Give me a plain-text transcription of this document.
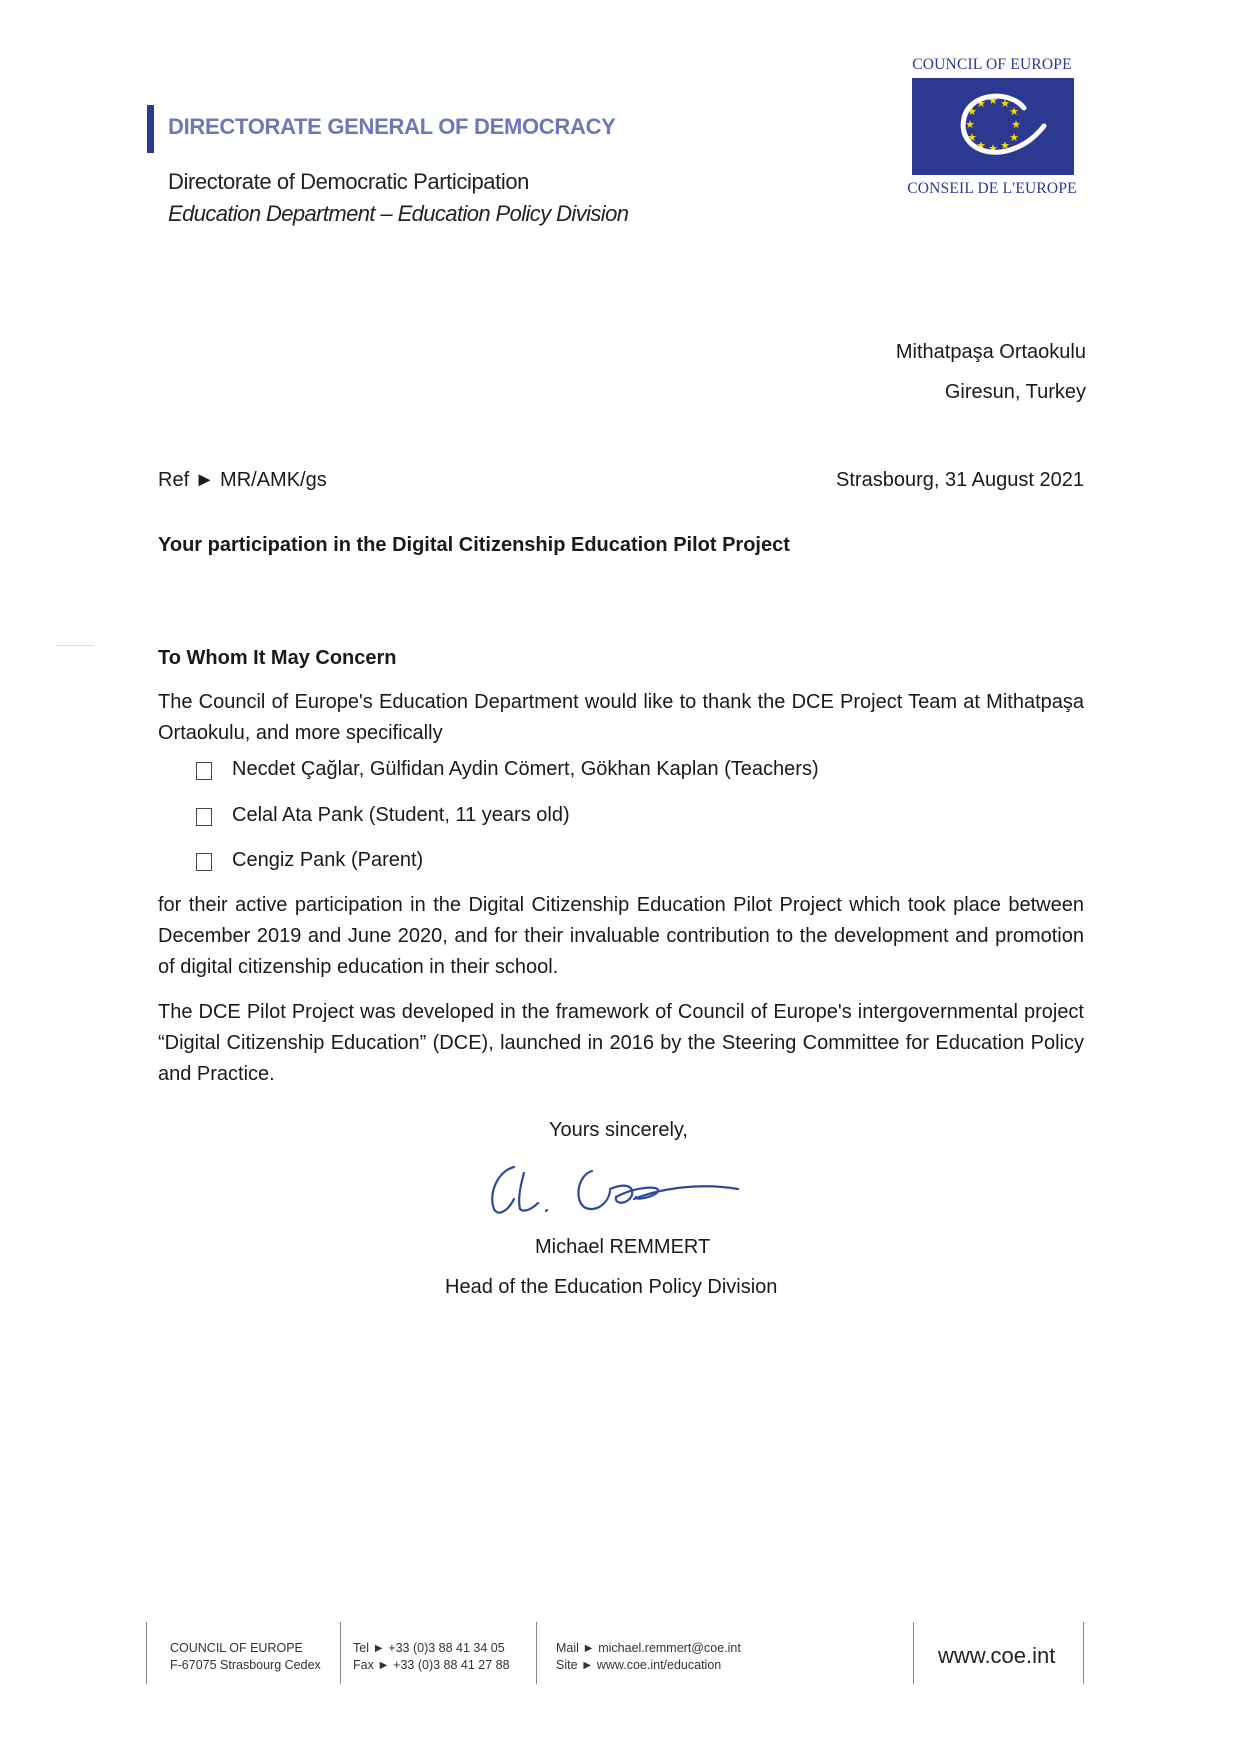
DIRECTORATE GENERAL OF DEMOCRACY
Directorate of Democratic Participation
Education Department – Education Policy Division
COUNCIL OF EUROPE
★ ★
★
★
★
★
★
★
★
★
★
★
CONSEIL DE L'EUROPE
Mithatpaşa Ortaokulu
Giresun, Turkey
Ref ► MR/AMK/gs	Strasbourg, 31 August 2021
Your participation in the Digital Citizenship Education Pilot Project
To Whom It May Concern
The Council of Europe's Education Department would like to thank the DCE Project Team at Mithatpaşa Ortaokulu, and more specifically
Necdet Çağlar, Gülfidan Aydin Cömert, Gökhan Kaplan (Teachers)
Celal Ata Pank (Student, 11 years old)
Cengiz Pank (Parent)
for their active participation in the Digital Citizenship Education Pilot Project which took place between December 2019 and June 2020, and for their invaluable contribution to the development and promotion of digital citizenship education in their school.
The DCE Pilot Project was developed in the framework of Council of Europe's intergovernmental project “Digital Citizenship Education” (DCE), launched in 2016 by the Steering Committee for Education Policy and Practice.
Yours sincerely,
Michael REMMERT
Head of the Education Policy Division
COUNCIL OF EUROPE
F-67075 Strasbourg Cedex
Tel ► +33 (0)3 88 41 34 05
Fax ► +33 (0)3 88 41 27 88
Mail ► michael.remmert@coe.int
Site ► www.coe.int/education	www.coe.int
